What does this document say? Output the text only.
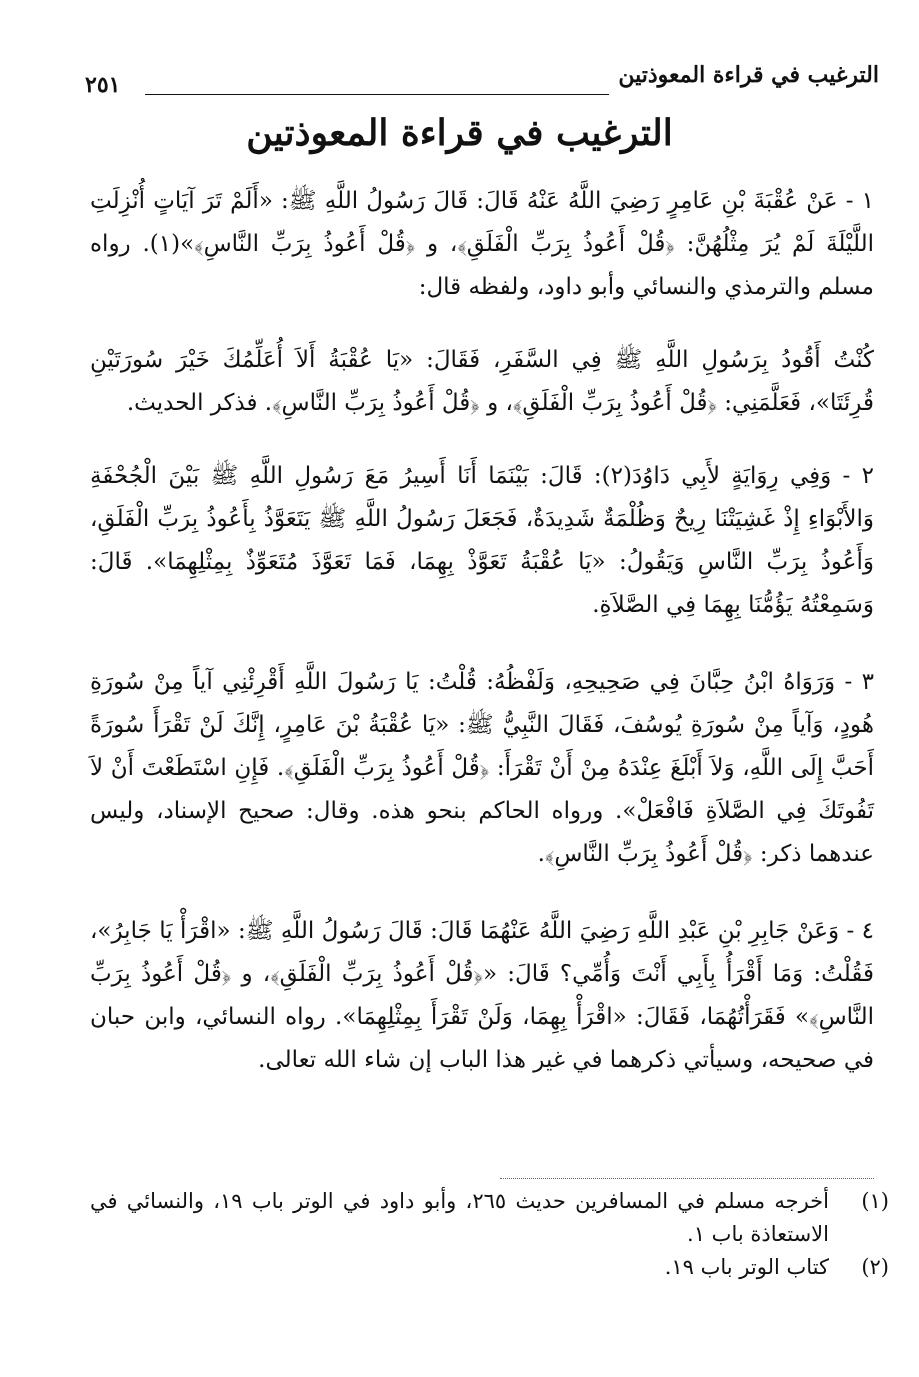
الترغيب في قراءة المعوذتين
٢٥١
الترغيب في قراءة المعوذتين

١ - عَنْ عُقْبَةَ بْنِ عَامِرٍ رَضِيَ اللَّهُ عَنْهُ قَالَ: قَالَ رَسُولُ اللَّهِ ﷺ: «أَلَمْ تَرَ آيَاتٍ أُنْزِلَتِ اللَّيْلَةَ لَمْ يُرَ مِثْلُهُنَّ: ﴿قُلْ أَعُوذُ بِرَبِّ الْفَلَقِ﴾، و ﴿قُلْ أَعُوذُ بِرَبِّ النَّاسِ﴾»(١). رواه مسلم والترمذي والنسائي وأبو داود، ولفظه قال:

كُنْتُ أَقُودُ بِرَسُولِ اللَّهِ ﷺ فِي السَّفَرِ، فَقَالَ: «يَا عُقْبَةُ أَلاَ أُعَلِّمُكَ خَيْرَ سُورَتَيْنِ قُرِئَتَا»، فَعَلَّمَنِي: ﴿قُلْ أَعُوذُ بِرَبِّ الْفَلَقِ﴾، و ﴿قُلْ أَعُوذُ بِرَبِّ النَّاسِ﴾. فذكر الحديث.

٢ - وَفِي رِوَايَةٍ لأَبِي دَاوُدَ(٢): قَالَ: بَيْنَمَا أَنَا أَسِيرُ مَعَ رَسُولِ اللَّهِ ﷺ بَيْنَ الْجُحْفَةِ وَالأَبْوَاءِ إِذْ غَشِيَتْنَا رِيحٌ وَظُلْمَةٌ شَدِيدَةٌ، فَجَعَلَ رَسُولُ اللَّهِ ﷺ يَتَعَوَّذُ بِأَعُوذُ بِرَبِّ الْفَلَقِ، وَأَعُوذُ بِرَبِّ النَّاسِ وَيَقُولُ: «يَا عُقْبَةُ تَعَوَّذْ بِهِمَا، فَمَا تَعَوَّذَ مُتَعَوِّذٌ بِمِثْلِهِمَا». قَالَ: وَسَمِعْتُهُ يَؤُمُّنَا بِهِمَا فِي الصَّلاَةِ.

٣ - وَرَوَاهُ ابْنُ حِبَّانَ فِي صَحِيحِهِ، وَلَفْظُهُ: قُلْتُ: يَا رَسُولَ اللَّهِ أَقْرِئْنِي آياً مِنْ سُورَةِ هُودٍ، وَآياً مِنْ سُورَةِ يُوسُفَ، فَقَالَ النَّبِيُّ ﷺ: «يَا عُقْبَةُ بْنَ عَامِرٍ، إِنَّكَ لَنْ تَقْرَأَ سُورَةً أَحَبَّ إِلَى اللَّهِ، وَلاَ أَبْلَغَ عِنْدَهُ مِنْ أَنْ تَقْرَأَ: ﴿قُلْ أَعُوذُ بِرَبِّ الْفَلَقِ﴾. فَإِنِ اسْتَطَعْتَ أَنْ لاَ تَفُوتَكَ فِي الصَّلاَةِ فَافْعَلْ». ورواه الحاكم بنحو هذه. وقال: صحيح الإسناد، وليس عندهما ذكر: ﴿قُلْ أَعُوذُ بِرَبِّ النَّاسِ﴾.

٤ - وَعَنْ جَابِرِ بْنِ عَبْدِ اللَّهِ رَضِيَ اللَّهُ عَنْهُمَا قَالَ: قَالَ رَسُولُ اللَّهِ ﷺ: «اقْرَأْ يَا جَابِرُ»، فَقُلْتُ: وَمَا أَقْرَأُ بِأَبِي أَنْتَ وَأُمِّي؟ قَالَ: «﴿قُلْ أَعُوذُ بِرَبِّ الْفَلَقِ﴾، و ﴿قُلْ أَعُوذُ بِرَبِّ النَّاسِ﴾» فَقَرَأْتُهُمَا، فَقَالَ: «اقْرَأْ بِهِمَا، وَلَنْ تَقْرَأَ بِمِثْلِهِمَا». رواه النسائي، وابن حبان في صحيحه، وسيأتي ذكرهما في غير هذا الباب إن شاء الله تعالى.

(١)
أخرجه مسلم في المسافرين حديث ٢٦٥، وأبو داود في الوتر باب ١٩، والنسائي في الاستعاذة باب ١.
(٢)
كتاب الوتر باب ١٩.
